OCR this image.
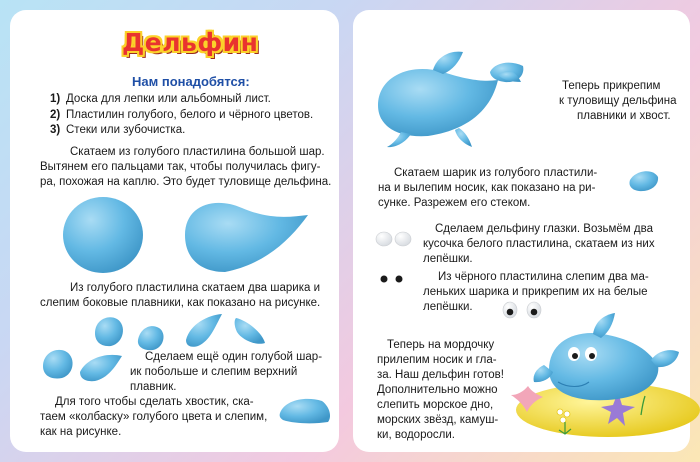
Дельфин
Нам понадобятся:
1) Доска для лепки или альбомный лист.
2) Пластилин голубого, белого и чёрного цветов.
3) Стеки или зубочистка.
Скатаем из голубого пластилина большой шар.
Вытянем его пальцами так, чтобы получилась фигу-
ра, похожая на каплю. Это будет туловище дельфина.
Из голубого пластилина скатаем два шарика и
слепим боковые плавники, как показано на рисунке.
Сделаем ещё один голубой шар-
ик побольше и слепим верхний
плавник.
Для того чтобы сделать хвостик, ска-
таем «колбаску» голубого цвета и слепим,
как на рисунке.
Теперь прикрепим
к туловищу дельфина
плавники и хвост.
Скатаем шарик из голубого пластили-
на и вылепим носик, как показано на ри-
сунке. Разрежем его стеком.
Сделаем дельфину глазки. Возьмём два
кусочка белого пластилина, скатаем из них
лепёшки.
Из чёрного пластилина слепим два ма-
леньких шарика и прикрепим их на белые
лепёшки.
Теперь на мордочку
прилепим носик и гла-
за. Наш дельфин готов!
Дополнительно можно
слепить морское дно,
морских звёзд, камуш-
ки, водоросли.
